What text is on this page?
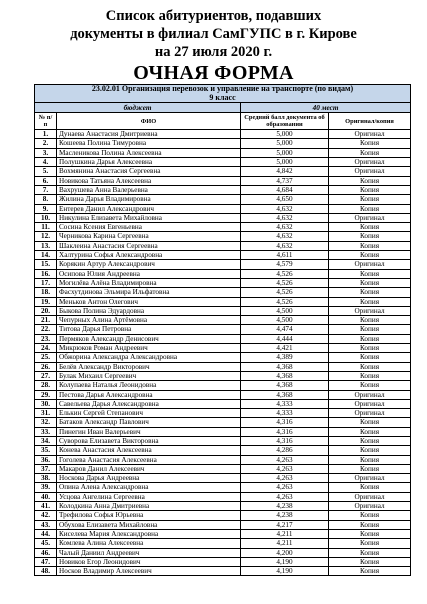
Список абитуриентов, подавших
документы в филиал СамГУПС в г. Кирове
на 27 июля 2020 г.
ОЧНАЯ ФОРМА
23.02.01 Организация перевозок и управление на транспорте (по видам)
9 класс			
бюджет		40 мест	
№ п/п	ФИО	Средний балл документа об образовании	Оригинал/копия
1.	Дунаева Анастасия Дмитриевна	5,000	Оригинал
2.	Кошеева Полина Тимуровна	5,000	Копия
3.	Масленикова Полина Алексеевна	5,000	Копия
4.	Полушкина Дарья Алексеевна	5,000	Оригинал
5.	Вохмянина Анастасия Сергеевна	4,842	Оригинал
6.	Новикова Татьяна Алексеевна	4,737	Копия
7.	Вахрушева Анна Валерьевна	4,684	Копия
8.	Жилина Дарья Владимировна	4,650	Копия
9.	Ентерев Данил Александрович	4,632	Копия
10.	Никулина Елизавета Михайловна	4,632	Оригинал
11.	Сосина Ксения Евгеньевна	4,632	Копия
12.	Черникова Карина Сергеевна	4,632	Копия
13.	Шаклеина Анастасия Сергеевна	4,632	Копия
14.	Халтурина Софья Александровна	4,611	Копия
15.	Корякин Артур Александрович	4,579	Оригинал
16.	Осипова Юлия Андреевна	4,526	Копия
17.	Могилёва Алёна Владимировна	4,526	Копия
18.	Фасхутдинова Эльмира Ильфатовна	4,526	Копия
19.	Меньков Антон Олегович	4,526	Копия
20.	Быкова Полина Эдуардовна	4,500	Оригинал
21.	Чепурных Алина Артёмовна	4,500	Копия
22.	Титова Дарья Петровна	4,474	Копия
23.	Пермяков Александр Денисович	4,444	Копия
24.	Микрюков Роман Андреевич	4,421	Копия
25.	Обжорина Александра Александровна	4,389	Копия
26.	Белёв Александр Викторович	4,368	Копия
27.	Булак Михаил Сергеевич	4,368	Копия
28.	Колупаева Наталья Леонидовна	4,368	Копия
29.	Пестова Дарья Александровна	4,368	Оригинал
30.	Савельева Дарья Александровна	4,333	Оригинал
31.	Елькин Сергей Степанович	4,333	Оригинал
32.	Батаков Александр Павлович	4,316	Копия
33.	Пинегин Иван Валерьевич	4,316	Копия
34.	Суворова Елизавета Викторовна	4,316	Копия
35.	Конева Анастасия Алексеевна	4,286	Копия
36.	Гоголева Анастасия Алексеевна	4,263	Копия
37.	Макаров Данил Алексеевич	4,263	Копия
38.	Носкова Дарья Андреевна	4,263	Оригинал
39.	Опина Алена Александровна	4,263	Копия
40.	Усцова Ангелина Сергеевна	4,263	Оригинал
41.	Колодкина Анна Дмитриевна	4,238	Оригинал
42.	Трефилова Софья Юрьевна	4,238	Копия
43.	Обухова Елизавета Михайловна	4,217	Копия
44.	Киселева Мария Александровна	4,211	Копия
45.	Комлева Алина Алексеевна	4,211	Копия
46.	Чалый Даниил Андреевич	4,200	Копия
47.	Новиков Егор Леонидович	4,190	Копия
48.	Носков Владимир Алексеевич	4,190	Копия
